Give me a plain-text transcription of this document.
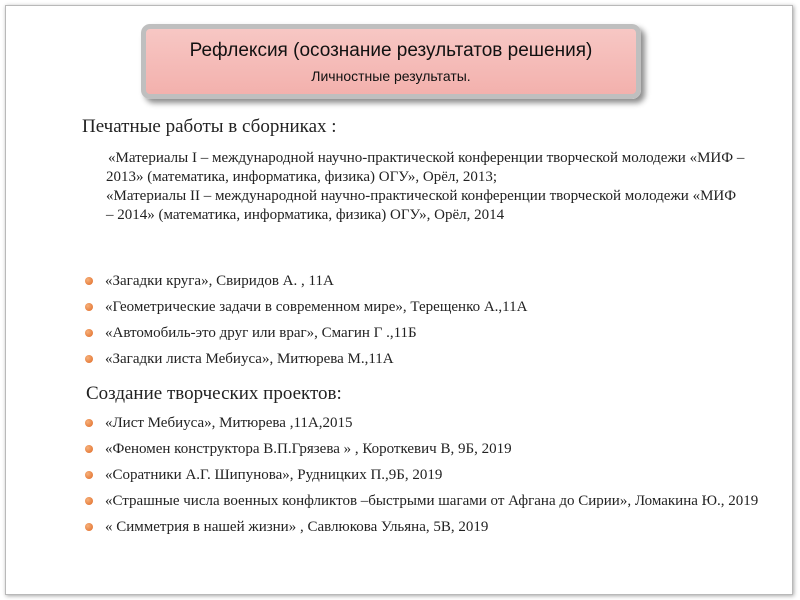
Рефлексия (осознание результатов решения)
Личностные результаты.
Печатные работы в сборниках :

«Материалы I – международной научно-практической конференции творческой молодежи «МИФ – 2013» (математика, информатика, физика) ОГУ», Орёл, 2013;

«Материалы II – международной научно-практической конференции творческой молодежи «МИФ – 2014» (математика, информатика, физика) ОГУ», Орёл, 2014

«Загадки круга», Свиридов А. , 11А
«Геометрические задачи в современном мире», Терещенко А.,11А
«Автомобиль-это друг или враг», Смагин Г .,11Б
«Загадки листа Мебиуса», Митюрева М.,11А
Создание творческих проектов:
«Лист Мебиуса», Митюрева ,11А,2015
«Феномен конструктора В.П.Грязева » , Короткевич В, 9Б, 2019
«Соратники А.Г. Шипунова», Рудницких П.,9Б, 2019
«Страшные числа военных конфликтов –быстрыми шагами от Афгана до Сирии», Ломакина Ю., 2019
« Симметрия в нашей жизни» , Савлюкова Ульяна, 5В, 2019
